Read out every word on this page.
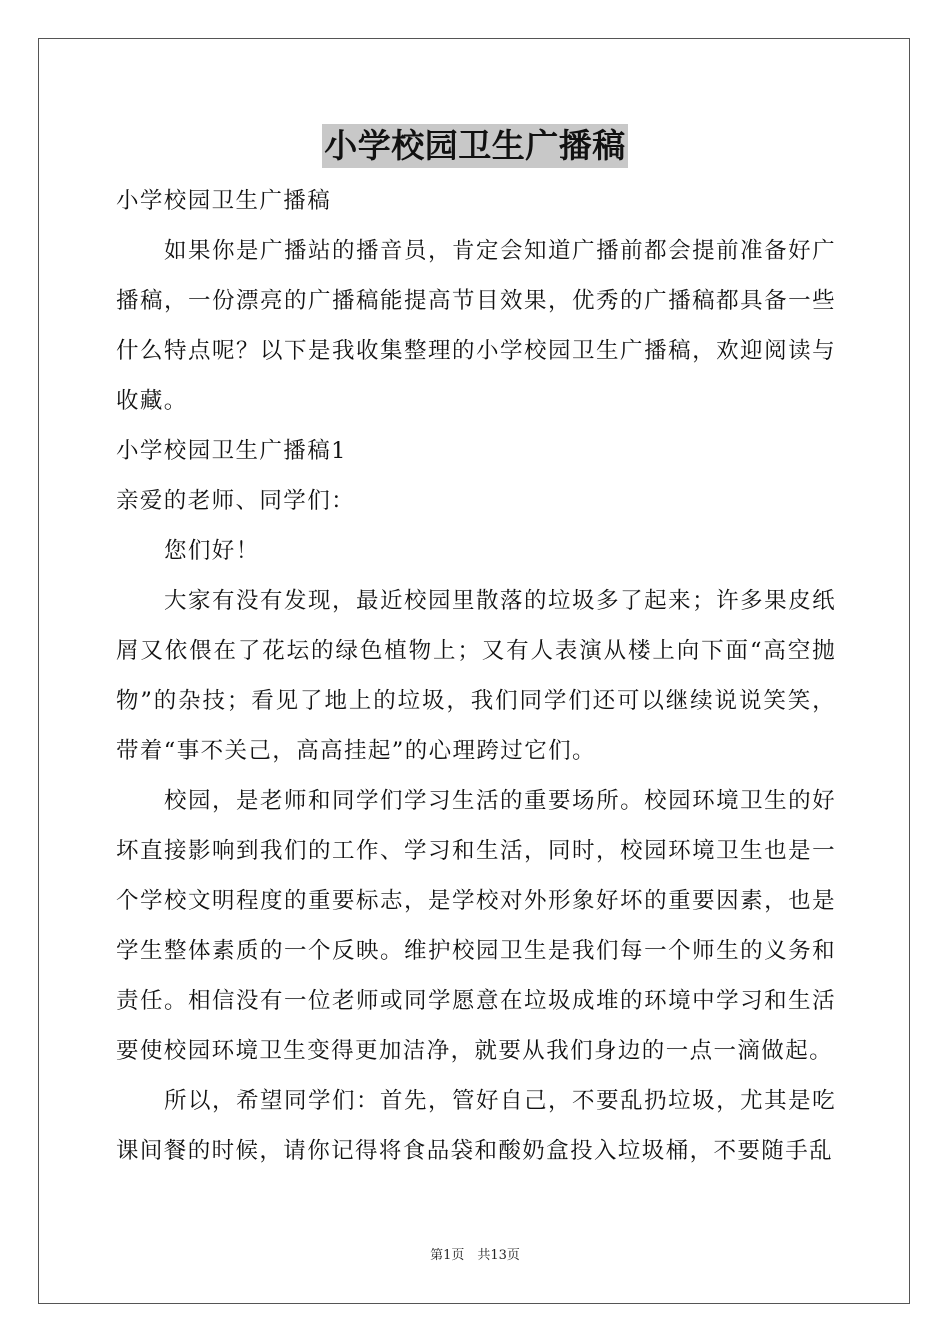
小学校园卫生广播稿

小学校园卫生广播稿

如果你是广播站的播音员，肯定会知道广播前都会提前准备好广播稿，一份漂亮的广播稿能提高节目效果，优秀的广播稿都具备一些什么特点呢？以下是我收集整理的小学校园卫生广播稿，欢迎阅读与收藏。

小学校园卫生广播稿1

亲爱的老师、同学们：

您们好！

大家有没有发现，最近校园里散落的垃圾多了起来；许多果皮纸屑又依偎在了花坛的绿色植物上；又有人表演从楼上向下面“高空抛物”的杂技；看见了地上的垃圾，我们同学们还可以继续说说笑笑，带着“事不关己，高高挂起”的心理跨过它们。

校园，是老师和同学们学习生活的重要场所。校园环境卫生的好坏直接影响到我们的工作、学习和生活，同时，校园环境卫生也是一个学校文明程度的重要标志，是学校对外形象好坏的重要因素，也是学生整体素质的一个反映。维护校园卫生是我们每一个师生的义务和责任。相信没有一位老师或同学愿意在垃圾成堆的环境中学习和生活要使校园环境卫生变得更加洁净，就要从我们身边的一点一滴做起。

所以，希望同学们：首先，管好自己，不要乱扔垃圾，尤其是吃课间餐的时候，请你记得将食品袋和酸奶盒投入垃圾桶，不要随手乱

第1页　共13页
